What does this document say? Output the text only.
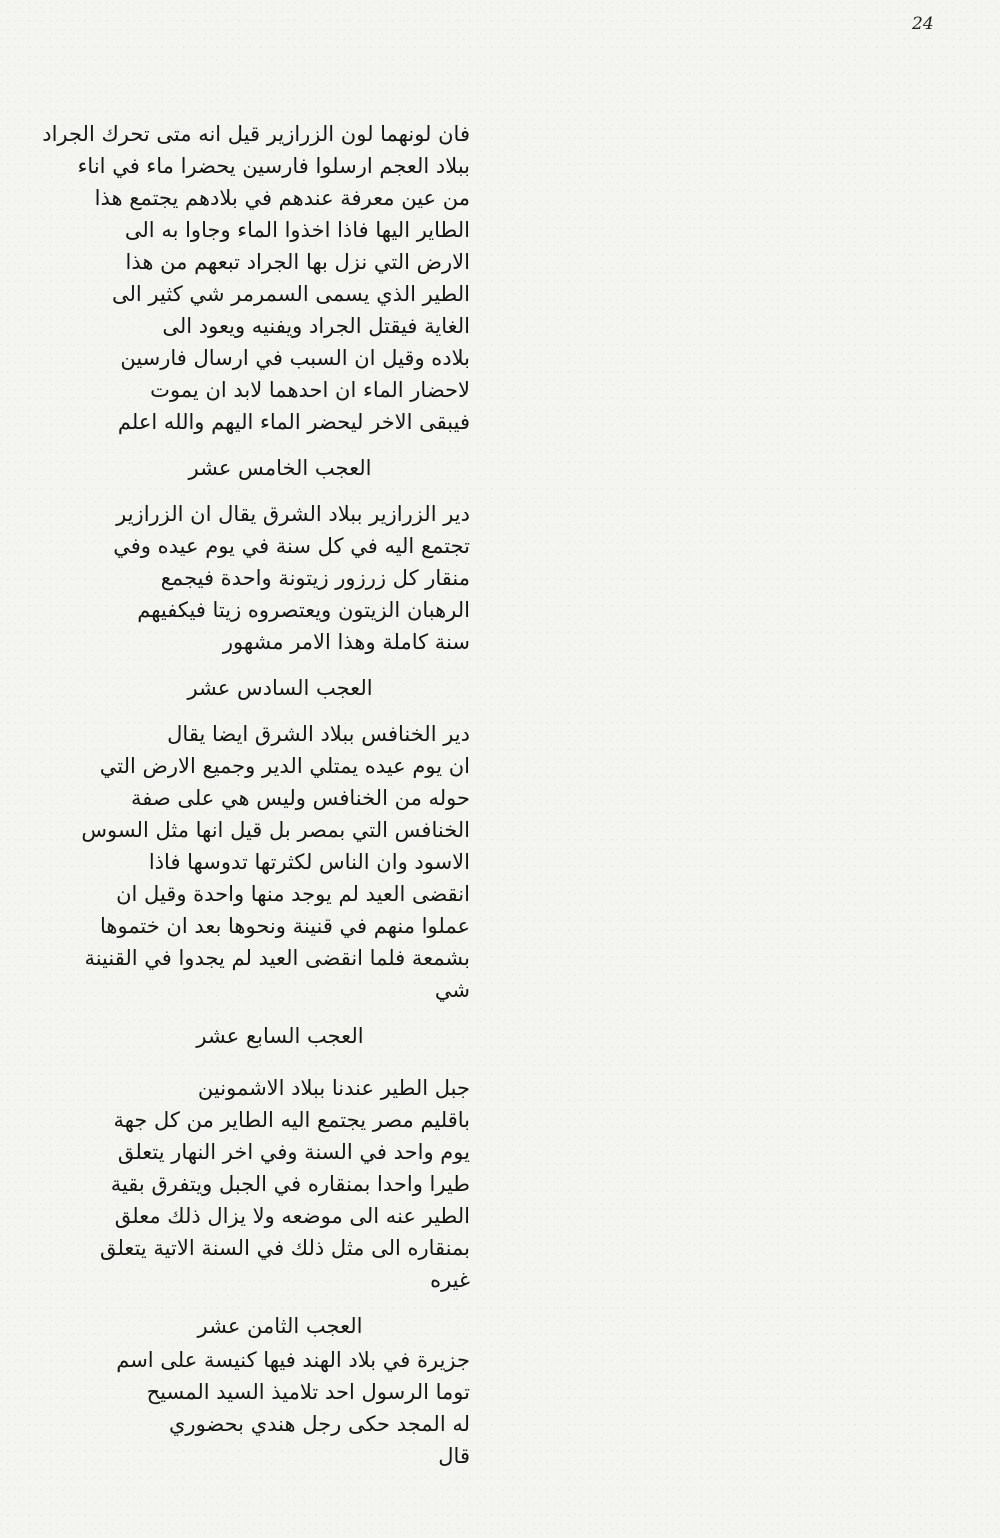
24
فان لونهما لون الزرازير قيل انه متى تحرك الجراد
ببلاد العجم ارسلوا فارسين يحضرا ماء في اناء
من عين معرفة عندهم في بلادهم يجتمع هذا
الطاير اليها فاذا اخذوا الماء وجاوا به الى
الارض التي نزل بها الجراد تبعهم من هذا
الطير الذي يسمى السمرمر شي كثير الى
الغاية فيقتل الجراد ويفنيه ويعود الى
بلاده وقيل ان السبب في ارسال فارسين
لاحضار الماء ان احدهما لابد ان يموت
فيبقى الاخر ليحضر الماء اليهم والله اعلم
العجب الخامس عشر
دير الزرازير ببلاد الشرق يقال ان الزرازير
تجتمع اليه في كل سنة في يوم عيده وفي
منقار كل زرزور زيتونة واحدة فيجمع
الرهبان الزيتون ويعتصروه زيتا فيكفيهم
سنة كاملة وهذا الامر مشهور
العجب السادس عشر
دير الخنافس ببلاد الشرق ايضا يقال
ان يوم عيده يمتلي الدير وجميع الارض التي
حوله من الخنافس وليس هي على صفة
الخنافس التي بمصر بل قيل انها مثل السوس
الاسود وان الناس لكثرتها تدوسها فاذا
انقضى العيد لم يوجد منها واحدة وقيل ان
عملوا منهم في قنينة ونحوها بعد ان ختموها
بشمعة فلما انقضى العيد لم يجدوا في القنينة
شي
العجب السابع عشر
جبل الطير عندنا ببلاد الاشمونين
باقليم مصر يجتمع اليه الطاير من كل جهة
يوم واحد في السنة وفي اخر النهار يتعلق
طيرا واحدا بمنقاره في الجبل ويتفرق بقية
الطير عنه الى موضعه ولا يزال ذلك معلق
بمنقاره الى مثل ذلك في السنة الاتية يتعلق
غيره
العجب الثامن عشر
جزيرة في بلاد الهند فيها كنيسة على اسم
توما الرسول احد تلاميذ السيد المسيح
له المجد حكى رجل هندي بحضوري
قال
